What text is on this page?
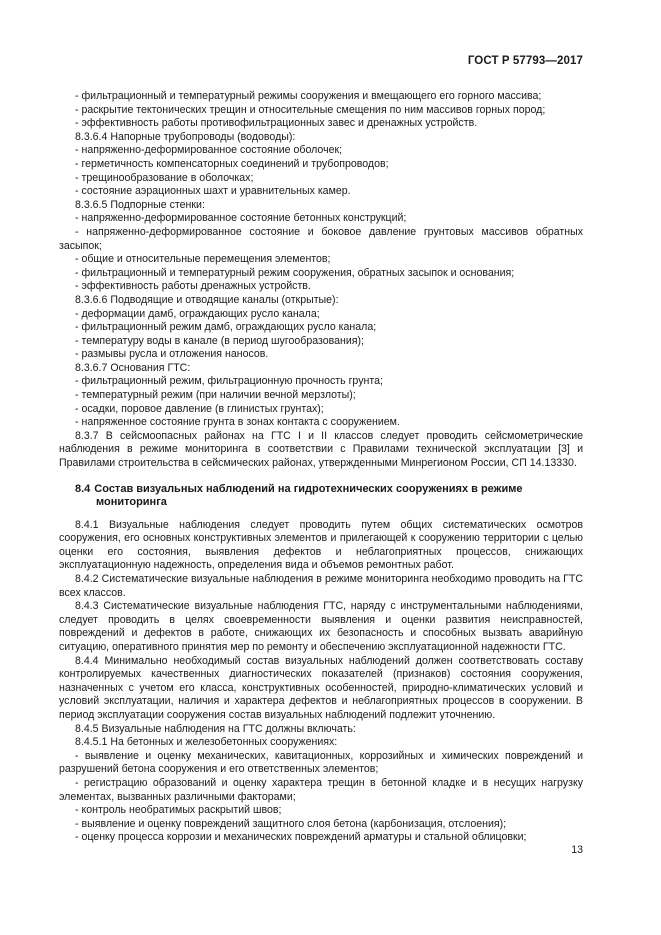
ГОСТ Р 57793—2017

- фильтрационный и температурный режимы сооружения и вмещающего его горного массива;

- раскрытие тектонических трещин и относительные смещения по ним массивов горных пород;

- эффективность работы противофильтрационных завес и дренажных устройств.

8.3.6.4 Напорные трубопроводы (водоводы):

- напряженно-деформированное состояние оболочек;

- герметичность компенсаторных соединений и трубопроводов;

- трещинообразование в оболочках;

- состояние аэрационных шахт и уравнительных камер.

8.3.6.5 Подпорные стенки:

- напряженно-деформированное состояние бетонных конструкций;

- напряженно-деформированное состояние и боковое давление грунтовых массивов обратных засыпок;

- общие и относительные перемещения элементов;

- фильтрационный и температурный режим сооружения, обратных засыпок и основания;

- эффективность работы дренажных устройств.

8.3.6.6 Подводящие и отводящие каналы (открытые):

- деформации дамб, ограждающих русло канала;

- фильтрационный режим дамб, ограждающих русло канала;

- температуру воды в канале (в период шугообразования);

- размывы русла и отложения наносов.

8.3.6.7 Основания ГТС:

- фильтрационный режим, фильтрационную прочность грунта;

- температурный режим (при наличии вечной мерзлоты);

- осадки, поровое давление (в глинистых грунтах);

- напряженное состояние грунта в зонах контакта с сооружением.

8.3.7 В сейсмоопасных районах на ГТС I и II классов следует проводить сейсмометрические наблюдения в режиме мониторинга в соответствии с Правилами технической эксплуатации [3] и Правилами строительства в сейсмических районах, утвержденными Минрегионом России, СП 14.13330.

8.4 Состав визуальных наблюдений на гидротехнических сооружениях в режиме
мониторинга

8.4.1 Визуальные наблюдения следует проводить путем общих систематических осмотров сооружения, его основных конструктивных элементов и прилегающей к сооружению территории с целью оценки его состояния, выявления дефектов и неблагоприятных процессов, снижающих эксплуатационную надежность, определения вида и объемов ремонтных работ.

8.4.2 Систематические визуальные наблюдения в режиме мониторинга необходимо проводить на ГТС всех классов.

8.4.3 Систематические визуальные наблюдения ГТС, наряду с инструментальными наблюдениями, следует проводить в целях своевременности выявления и оценки развития неисправностей, повреждений и дефектов в работе, снижающих их безопасность и способных вызвать аварийную ситуацию, оперативного принятия мер по ремонту и обеспечению эксплуатационной надежности ГТС.

8.4.4 Минимально необходимый состав визуальных наблюдений должен соответствовать составу контролируемых качественных диагностических показателей (признаков) состояния сооружения, назначенных с учетом его класса, конструктивных особенностей, природно-климатических условий и условий эксплуатации, наличия и характера дефектов и неблагоприятных процессов в сооружении. В период эксплуатации сооружения состав визуальных наблюдений подлежит уточнению.

8.4.5 Визуальные наблюдения на ГТС должны включать:

8.4.5.1 На бетонных и железобетонных сооружениях:

- выявление и оценку механических, кавитационных, коррозийных и химических повреждений и разрушений бетона сооружения и его ответственных элементов;

- регистрацию образований и оценку характера трещин в бетонной кладке и в несущих нагрузку элементах, вызванных различными факторами;

- контроль необратимых раскрытий швов;

- выявление и оценку повреждений защитного слоя бетона (карбонизация, отслоения);

- оценку процесса коррозии и механических повреждений арматуры и стальной облицовки;

13
